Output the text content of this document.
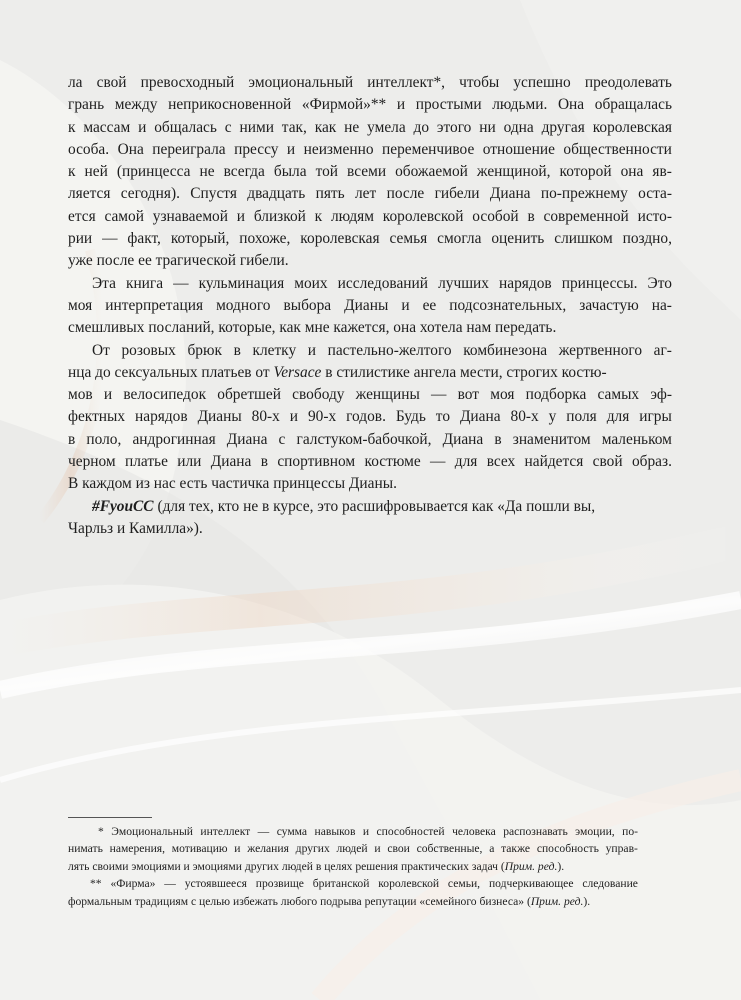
ла свой превосходный эмоциональный интеллект*, чтобы успешно преодолевать
грань между неприкосновенной «Фирмой»** и простыми людьми. Она обращалась
к массам и общалась с ними так, как не умела до этого ни одна другая королевская
особа. Она переиграла прессу и неизменно переменчивое отношение общественности
к ней (принцесса не всегда была той всеми обожаемой женщиной, которой она яв-
ляется сегодня). Спустя двадцать пять лет после гибели Диана по-прежнему оста-
ется самой узнаваемой и близкой к людям королевской особой в современной исто-
рии — факт, который, похоже, королевская семья смогла оценить слишком поздно,
уже после ее трагической гибели.
Эта книга — кульминация моих исследований лучших нарядов принцессы. Это
моя интерпретация модного выбора Дианы и ее подсознательных, зачастую на-
смешливых посланий, которые, как мне кажется, она хотела нам передать.
От розовых брюк в клетку и пастельно-желтого комбинезона жертвенного аг-
нца до сексуальных платьев от
Versace
в стилистике ангела мести, строгих костю-
мов и велосипедок обретшей свободу женщины — вот моя подборка самых эф-
фектных нарядов Дианы 80-х и 90-х годов. Будь то Диана 80-х у поля для игры
в поло, андрогинная Диана с галстуком-бабочкой, Диана в знаменитом маленьком
черном платье или Диана в спортивном костюме — для всех найдется свой образ.
В каждом из нас есть частичка принцессы Дианы.
#FyouCC
(для тех, кто не в курсе, это расшифровывается как «Да пошли вы,
Чарльз и Камилла»).
* Эмоциональный интеллект — сумма навыков и способностей человека распознавать эмоции, по-
нимать намерения, мотивацию и желания других людей и свои собственные, а также способность управ-
лять своими эмоциями и эмоциями других людей в целях решения практических задач ( Прим. ред. ).
** «Фирма» — устоявшееся прозвище британской королевской семьи, подчеркивающее следование
формальным традициям с целью избежать любого подрыва репутации «семейного бизнеса» ( Прим. ред. ).
